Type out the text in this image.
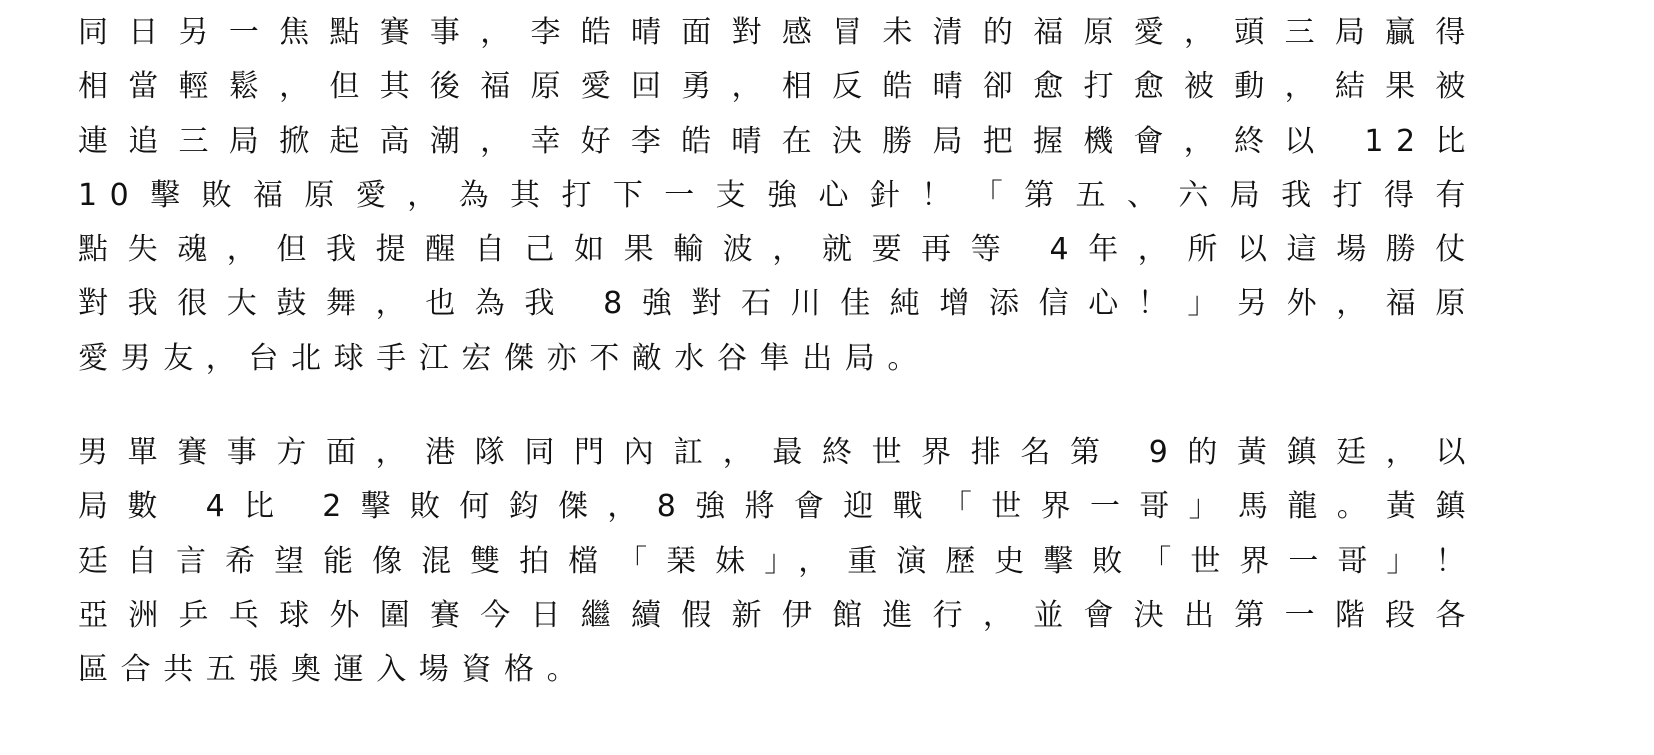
同日另一焦點賽事，李皓晴面對感冒未清的福原愛，頭三局贏得
相當輕鬆，但其後福原愛回勇，相反皓晴卻愈打愈被動，結果被
連追三局掀起高潮，幸好李皓晴在決勝局把握機會，終以 12比
10擊敗福原愛，為其打下一支強心針！「第五、六局我打得有
點失魂，但我提醒自己如果輸波，就要再等 4年，所以這場勝仗
對我很大鼓舞，也為我 8強對石川佳純增添信心！」另外，福原
愛男友，台北球手江宏傑亦不敵水谷隼出局。
男單賽事方面，港隊同門內訌，最終世界排名第 9的黃鎮廷，以
局數 4比 2擊敗何鈞傑，8強將會迎戰「世界一哥」馬龍。黃鎮
廷自言希望能像混雙拍檔「琹妹」，重演歷史擊敗「世界一哥」！
亞洲乒乓球外圍賽今日繼續假新伊館進行，並會決出第一階段各
區合共五張奧運入場資格。
